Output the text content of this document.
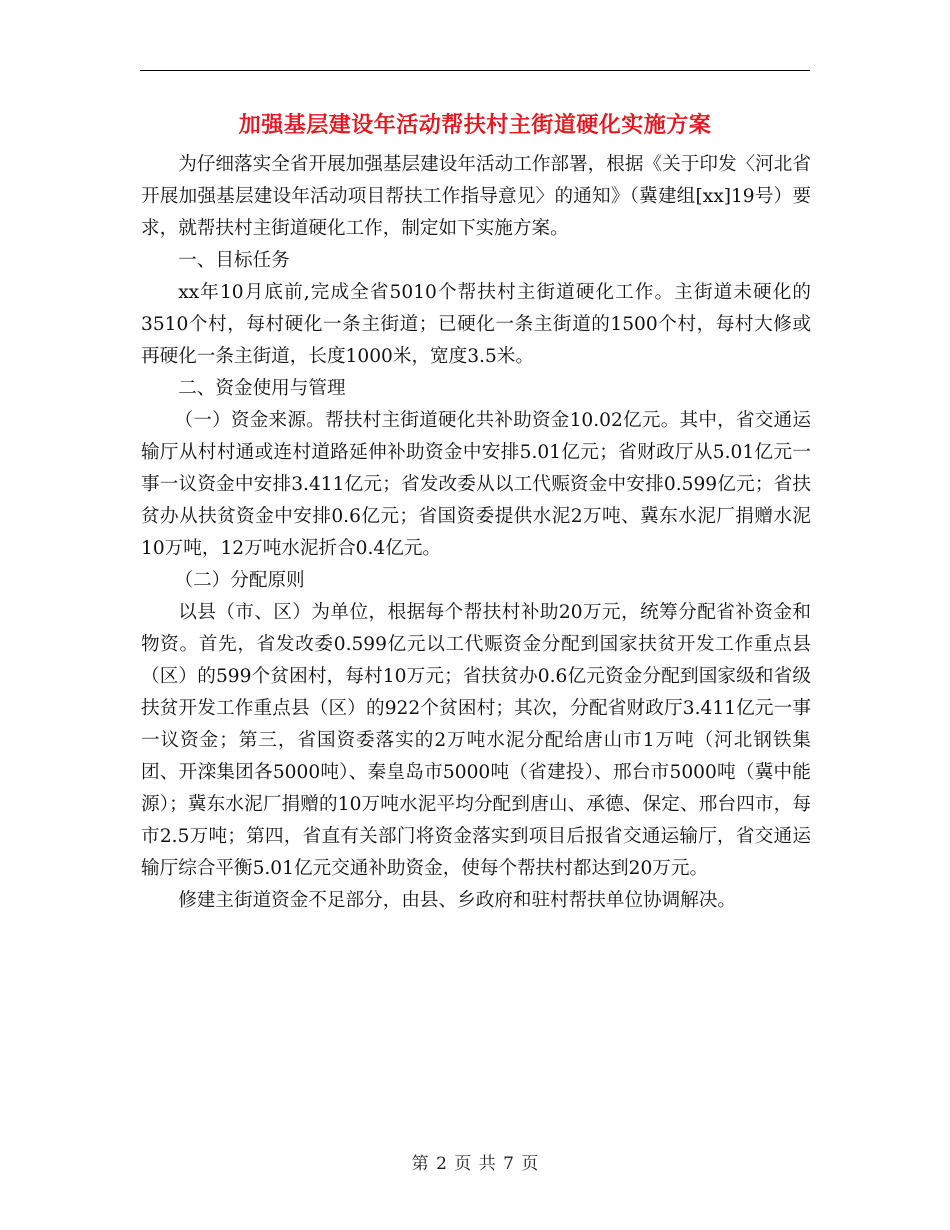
加强基层建设年活动帮扶村主街道硬化实施方案

为仔细落实全省开展加强基层建设年活动工作部署，根据《关于印发〈河北省开展加强基层建设年活动项目帮扶工作指导意见〉的通知》（冀建组[xx]19号）要求，就帮扶村主街道硬化工作，制定如下实施方案。

一、目标任务

xx年10月底前,完成全省5010个帮扶村主街道硬化工作。主街道未硬化的3510个村，每村硬化一条主街道；已硬化一条主街道的1500个村，每村大修或再硬化一条主街道，长度1000米，宽度3.5米。

二、资金使用与管理

（一）资金来源。帮扶村主街道硬化共补助资金10.02亿元。其中，省交通运输厅从村村通或连村道路延伸补助资金中安排5.01亿元；省财政厅从5.01亿元一事一议资金中安排3.411亿元；省发改委从以工代赈资金中安排0.599亿元；省扶贫办从扶贫资金中安排0.6亿元；省国资委提供水泥2万吨、冀东水泥厂捐赠水泥10万吨，12万吨水泥折合0.4亿元。

（二）分配原则

以县（市、区）为单位，根据每个帮扶村补助20万元，统筹分配省补资金和物资。首先，省发改委0.599亿元以工代赈资金分配到国家扶贫开发工作重点县（区）的599个贫困村，每村10万元；省扶贫办0.6亿元资金分配到国家级和省级扶贫开发工作重点县（区）的922个贫困村；其次，分配省财政厅3.411亿元一事一议资金；第三，省国资委落实的2万吨水泥分配给唐山市1万吨（河北钢铁集团、开滦集团各5000吨）、秦皇岛市5000吨（省建投）、邢台市5000吨（冀中能源）；冀东水泥厂捐赠的10万吨水泥平均分配到唐山、承德、保定、邢台四市，每市2.5万吨；第四，省直有关部门将资金落实到项目后报省交通运输厅，省交通运输厅综合平衡5.01亿元交通补助资金，使每个帮扶村都达到20万元。

修建主街道资金不足部分，由县、乡政府和驻村帮扶单位协调解决。

第 2 页 共 7 页
